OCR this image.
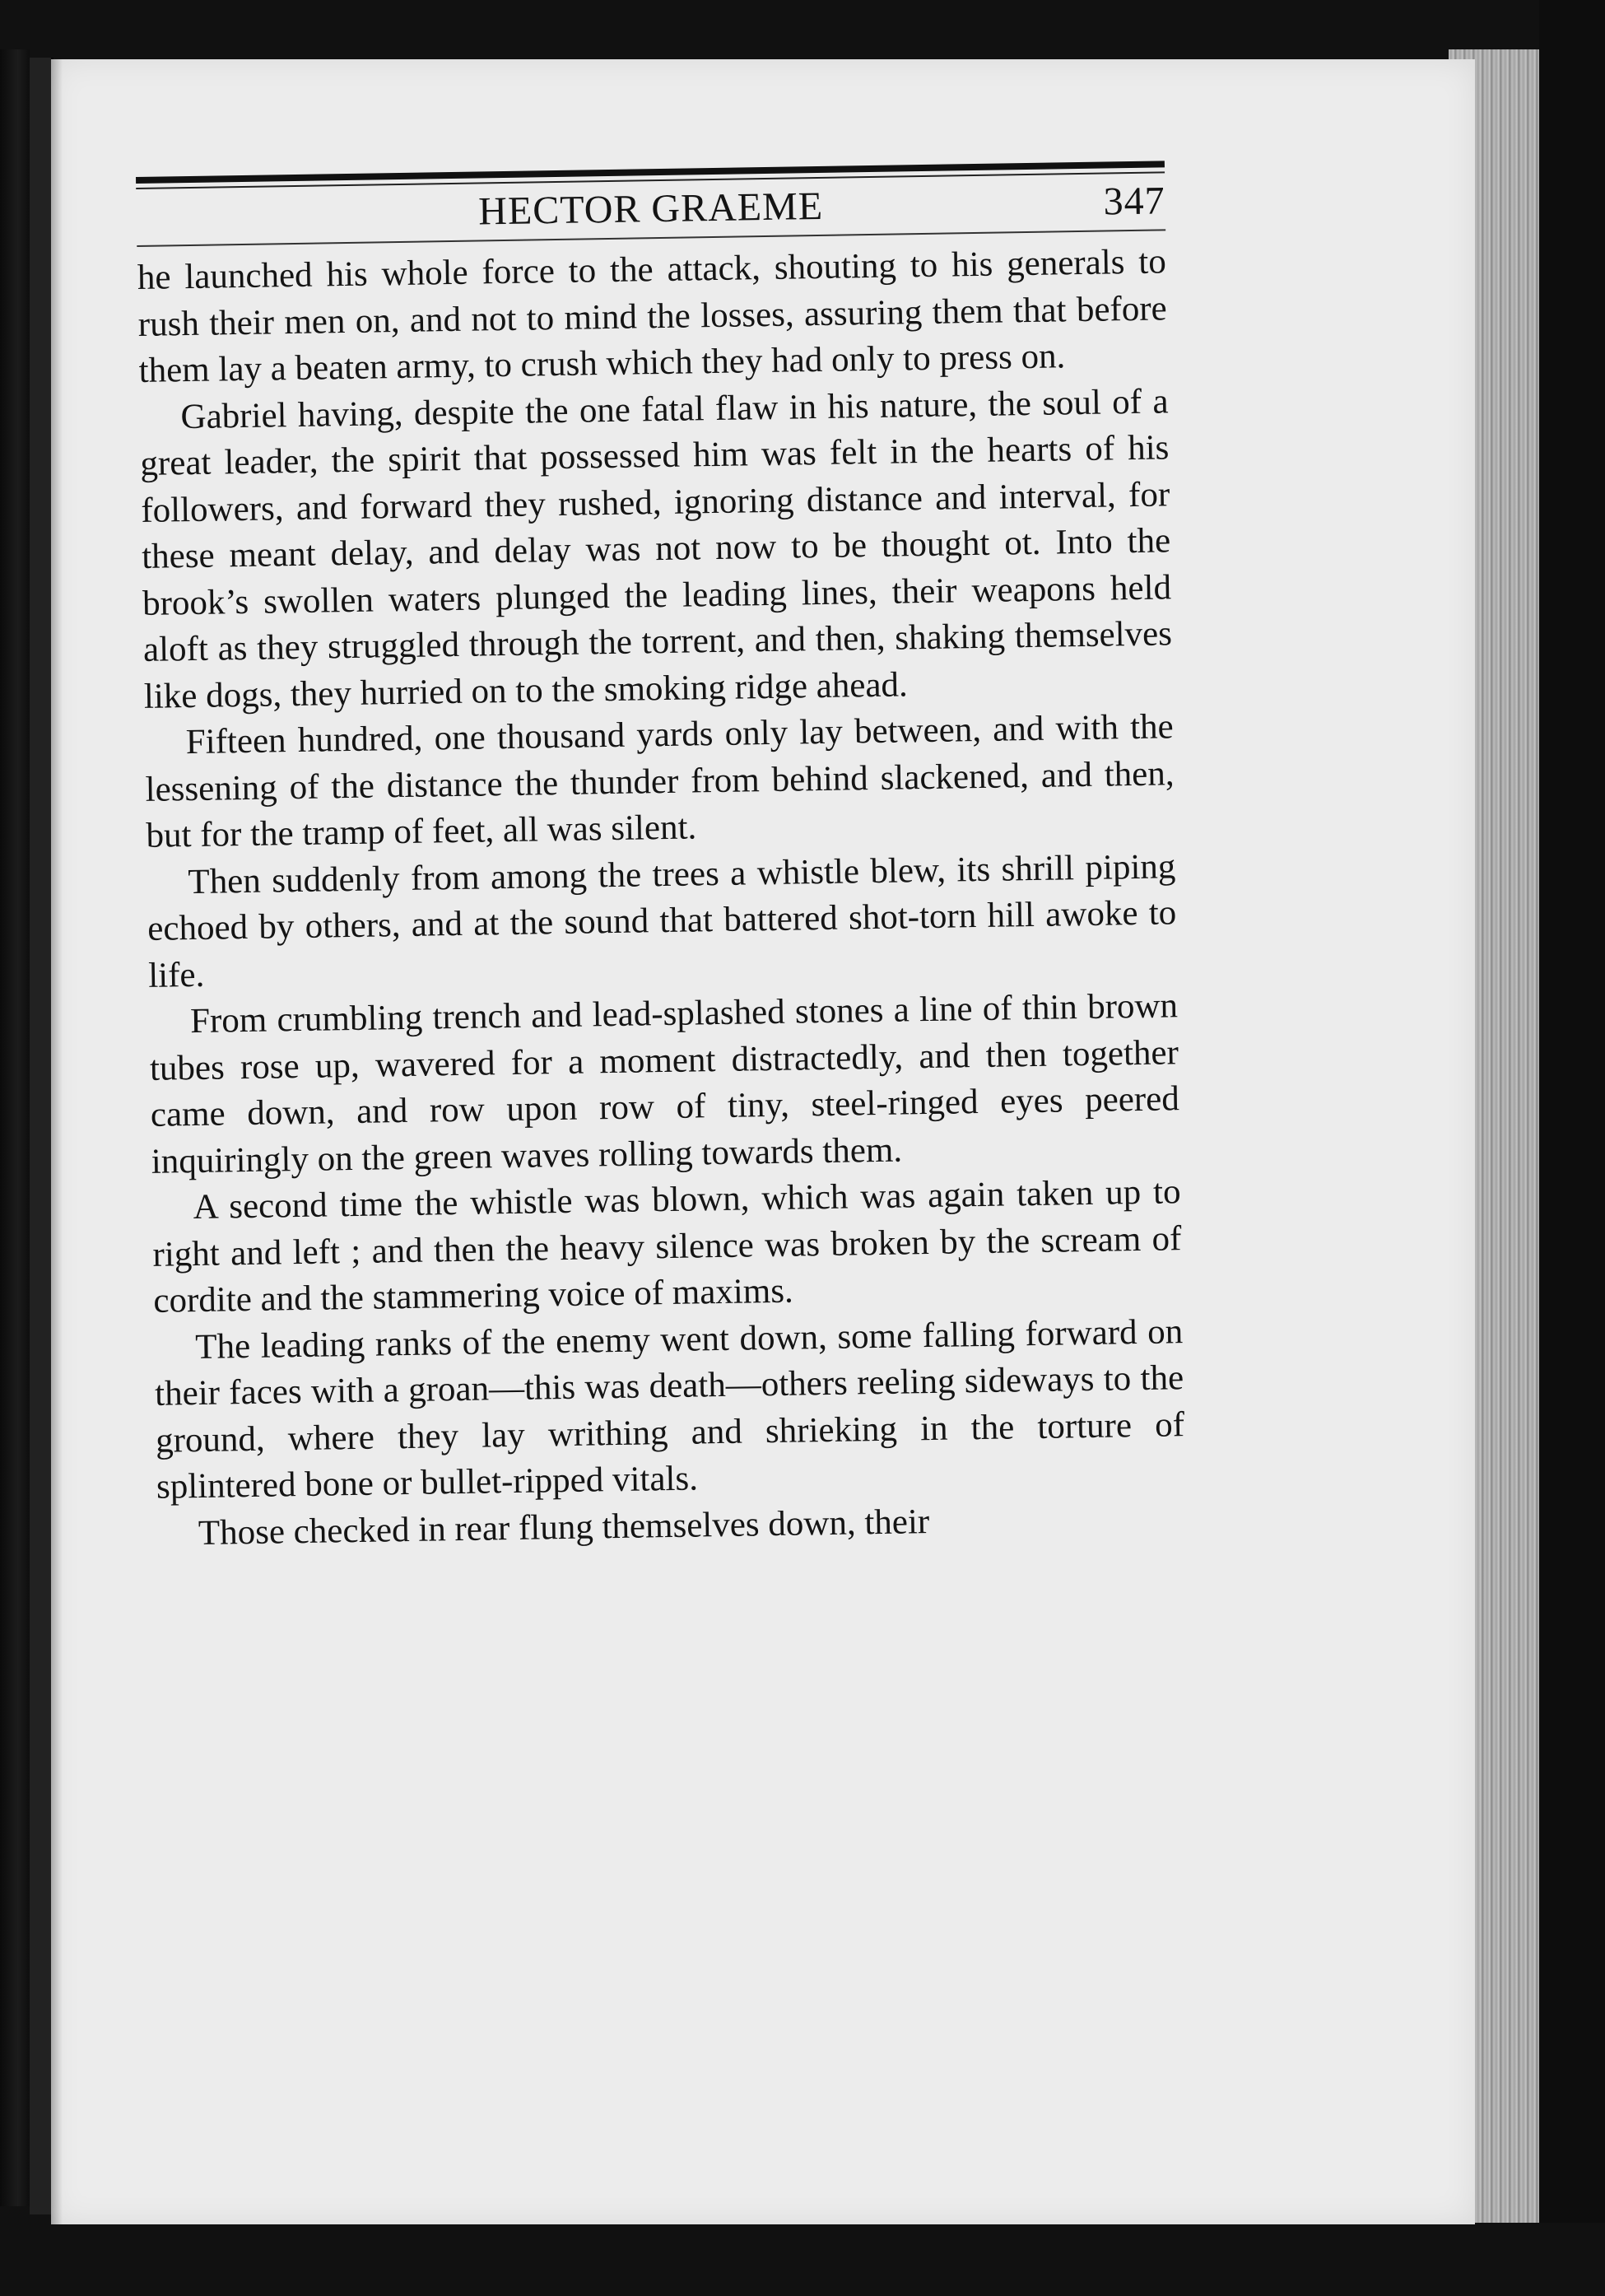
HECTOR GRAEME	347

he launched his whole force to the attack, shouting to his generals to rush their men on, and not to mind the losses, assuring them that before them lay a beaten army, to crush which they had only to press on.

Gabriel having, despite the one fatal flaw in his nature, the soul of a great leader, the spirit that possessed him was felt in the hearts of his followers, and forward they rushed, ignoring distance and interval, for these meant delay, and delay was not now to be thought ot. Into the brook’s swollen waters plunged the leading lines, their weapons held aloft as they struggled through the torrent, and then, shaking themselves like dogs, they hurried on to the smoking ridge ahead.

Fifteen hundred, one thousand yards only lay between, and with the lessening of the distance the thunder from behind slackened, and then, but for the tramp of feet, all was silent.

Then suddenly from among the trees a whistle blew, its shrill piping echoed by others, and at the sound that battered shot-torn hill awoke to life.

From crumbling trench and lead-splashed stones a line of thin brown tubes rose up, wavered for a moment distractedly, and then together came down, and row upon row of tiny, steel-ringed eyes peered inquiringly on the green waves rolling towards them.

A second time the whistle was blown, which was again taken up to right and left ; and then the heavy silence was broken by the scream of cordite and the stammering voice of maxims.

The leading ranks of the enemy went down, some falling forward on their faces with a groan—this was death—others reeling sideways to the ground, where they lay writhing and shrieking in the torture of splintered bone or bullet-ripped vitals.

Those checked in rear flung themselves down, their
